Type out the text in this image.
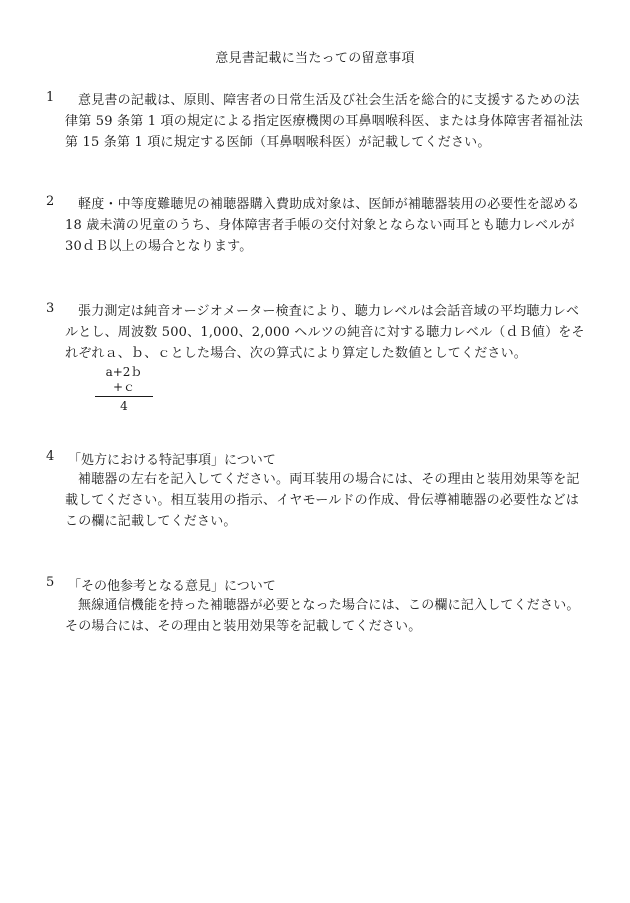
意見書記載に当たっての留意事項
1	意見書の記載は、原則、障害者の日常生活及び社会生活を総合的に支援するための法律第 59 条第 1 項の規定による指定医療機関の耳鼻咽喉科医、または身体障害者福祉法第 15 条第 1 項に規定する医師（耳鼻咽喉科医）が記載してください。
2	軽度・中等度難聴児の補聴器購入費助成対象は、医師が補聴器装用の必要性を認める 18 歳未満の児童のうち、身体障害者手帳の交付対象とならない両耳とも聴力レベルが 30ｄＢ以上の場合となります。
3	張力測定は純音オージオメーター検査により、聴力レベルは会話音域の平均聴力レベルとし、周波数 500、1,000、2,000 ヘルツの純音に対する聴力レベル（ｄＢ値）をそれぞれａ、ｂ、ｃとした場合、次の算式により算定した数値としてください。
$\frac{\text{a+2ｂ+ｃ}}{4}$
4 「処方における特記事項」について
補聴器の左右を記入してください。両耳装用の場合には、その理由と装用効果等を記載してください。相互装用の指示、イヤモールドの作成、骨伝導補聴器の必要性などはこの欄に記載してください。
5 「その他参考となる意見」について
無線通信機能を持った補聴器が必要となった場合には、この欄に記入してください。その場合には、その理由と装用効果等を記載してください。
